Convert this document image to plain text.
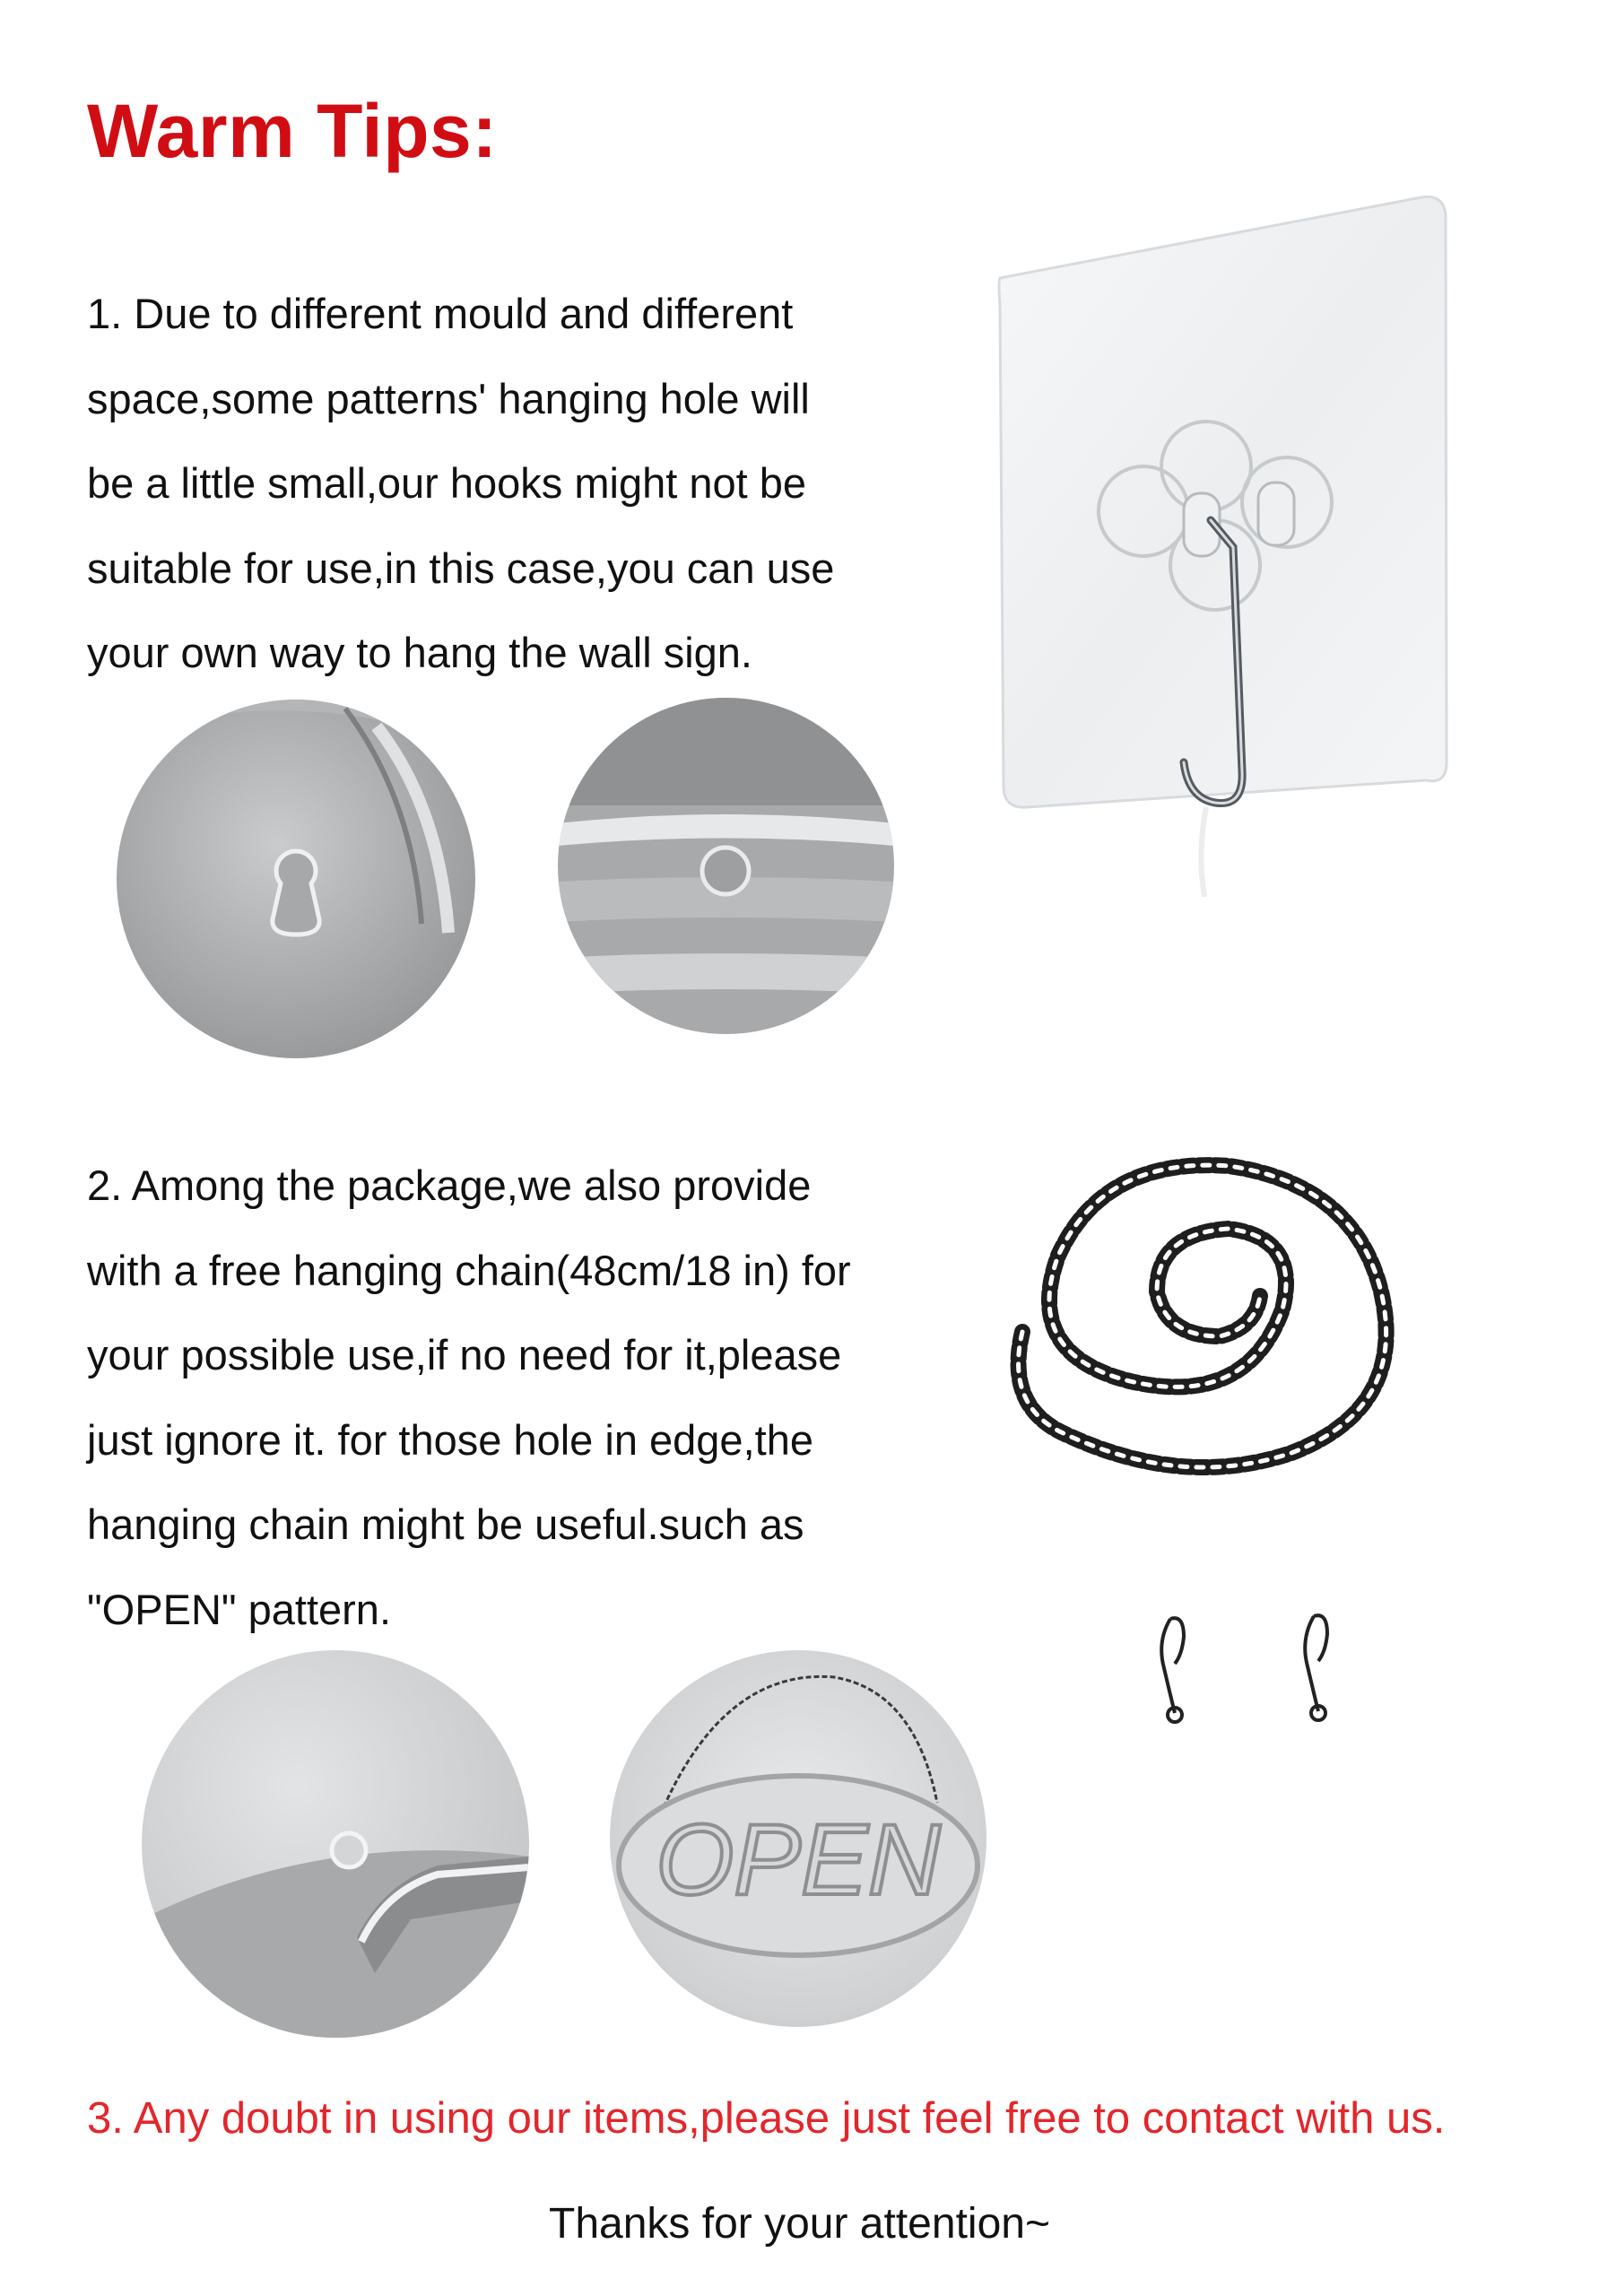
Warm Tips:
1. Due to different mould and different
space,some patterns' hanging hole will
be a little small,our hooks might not be
suitable for use,in this case,you can use
your own way to hang the wall sign.
2. Among the package,we also provide
with a free hanging chain(48cm/18 in) for
your possible use,if no need for it,please
just ignore it. for those hole in edge,the
hanging chain might be useful.such as
"OPEN" pattern.
OPEN

3. Any doubt in using our items,please just feel free to contact with us.

Thanks for your attention~
